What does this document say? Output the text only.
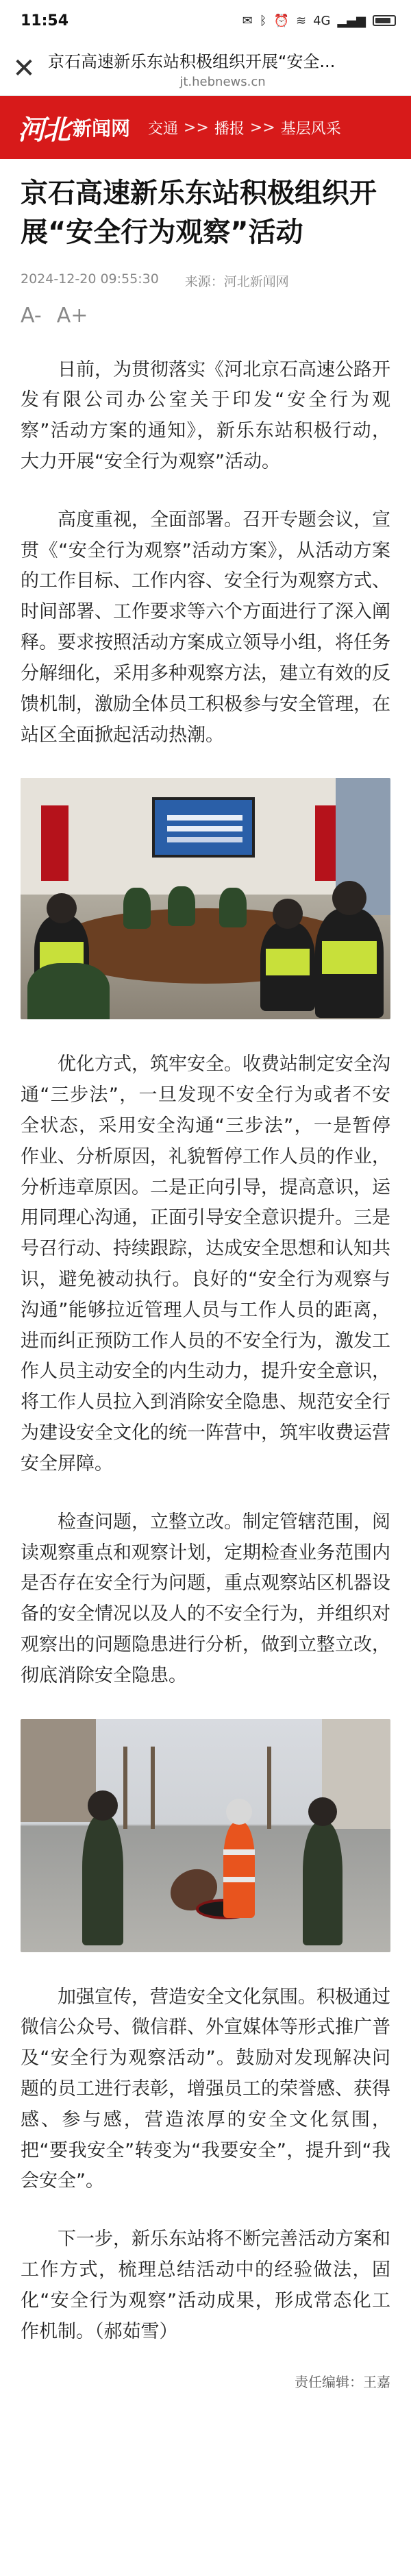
11:54	✉ ᛒ ⏰ ≋ 4G ▂▄▆
✕ 京石高速新乐东站积极组织开展“安全...
jt.hebnews.cn
河北 新闻网 交通 >> 播报 >> 基层风采
京石高速新乐东站积极组织开展“安全行为观察”活动
2024-12-20 09:55:30 来源：河北新闻网
A- A+

日前，为贯彻落实《河北京石高速公路开发有限公司办公室关于印发“安全行为观察”活动方案的通知》，新乐东站积极行动，大力开展“安全行为观察”活动。

高度重视，全面部署。召开专题会议，宣贯《“安全行为观察”活动方案》，从活动方案的工作目标、工作内容、安全行为观察方式、时间部署、工作要求等六个方面进行了深入阐释。要求按照活动方案成立领导小组，将任务分解细化，采用多种观察方法，建立有效的反馈机制，激励全体员工积极参与安全管理，在站区全面掀起活动热潮。

优化方式，筑牢安全。收费站制定安全沟通“三步法”，一旦发现不安全行为或者不安全状态，采用安全沟通“三步法”，一是暂停作业、分析原因，礼貌暂停工作人员的作业，分析违章原因。二是正向引导，提高意识，运用同理心沟通，正面引导安全意识提升。三是号召行动、持续跟踪，达成安全思想和认知共识，避免被动执行。良好的“安全行为观察与沟通”能够拉近管理人员与工作人员的距离，进而纠正预防工作人员的不安全行为，激发工作人员主动安全的内生动力，提升安全意识，将工作人员拉入到消除安全隐患、规范安全行为建设安全文化的统一阵营中，筑牢收费运营安全屏障。

检查问题，立整立改。制定管辖范围，阅读观察重点和观察计划，定期检查业务范围内是否存在安全行为问题，重点观察站区机器设备的安全情况以及人的不安全行为，并组织对观察出的问题隐患进行分析，做到立整立改，彻底消除安全隐患。

加强宣传，营造安全文化氛围。积极通过微信公众号、微信群、外宣媒体等形式推广普及“安全行为观察活动”。鼓励对发现解决问题的员工进行表彰，增强员工的荣誉感、获得感、参与感，营造浓厚的安全文化氛围，把“要我安全”转变为“我要安全”，提升到“我会安全”。

下一步，新乐东站将不断完善活动方案和工作方式，梳理总结活动中的经验做法，固化“安全行为观察”活动成果，形成常态化工作机制。（郝茹雪）

责任编辑：王嘉
